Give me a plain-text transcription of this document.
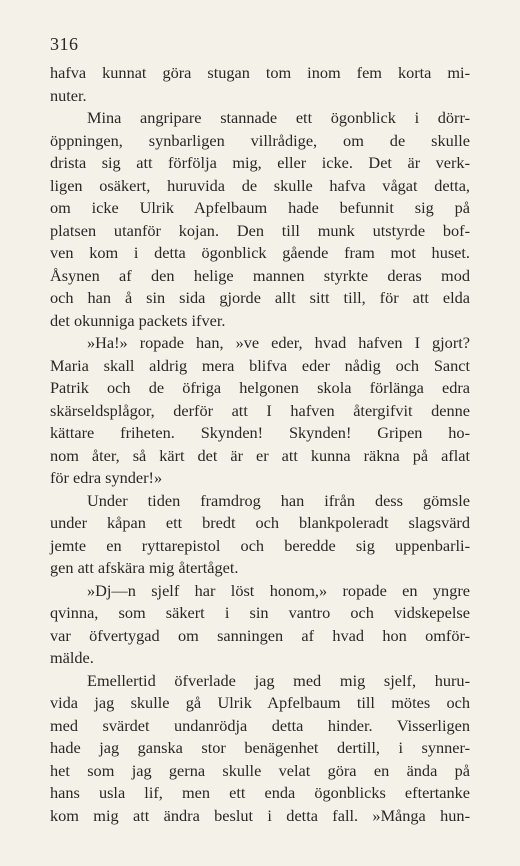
316
hafva kunnat göra stugan tom inom fem korta mi-
nuter.
Mina angripare stannade ett ögonblick i dörr-
öppningen, synbarligen villrådige, om de skulle
drista sig att förfölja mig, eller icke. Det är verk-
ligen osäkert, huruvida de skulle hafva vågat detta,
om icke Ulrik Apfelbaum hade befunnit sig på
platsen utanför kojan. Den till munk utstyrde bof-
ven kom i detta ögonblick gående fram mot huset.
Åsynen af den helige mannen styrkte deras mod
och han å sin sida gjorde allt sitt till, för att elda
det okunniga packets ifver.
»Ha!» ropade han, »ve eder, hvad hafven I gjort?
Maria skall aldrig mera blifva eder nådig och Sanct
Patrik och de öfriga helgonen skola förlänga edra
skärseldsplågor, derför att I hafven återgifvit denne
kättare friheten. Skynden! Skynden! Gripen ho-
nom åter, så kärt det är er att kunna räkna på aflat
för edra synder!»
Under tiden framdrog han ifrån dess gömsle
under kåpan ett bredt och blankpoleradt slagsvärd
jemte en ryttarepistol och beredde sig uppenbarli-
gen att afskära mig återtåget.
»Dj—n sjelf har löst honom,» ropade en yngre
qvinna, som säkert i sin vantro och vidskepelse
var öfvertygad om sanningen af hvad hon omför-
mälde.
Emellertid öfverlade jag med mig sjelf, huru-
vida jag skulle gå Ulrik Apfelbaum till mötes och
med svärdet undanrödja detta hinder. Visserligen
hade jag ganska stor benägenhet dertill, i synner-
het som jag gerna skulle velat göra en ända på
hans usla lif, men ett enda ögonblicks eftertanke
kom mig att ändra beslut i detta fall. »Många hun-
